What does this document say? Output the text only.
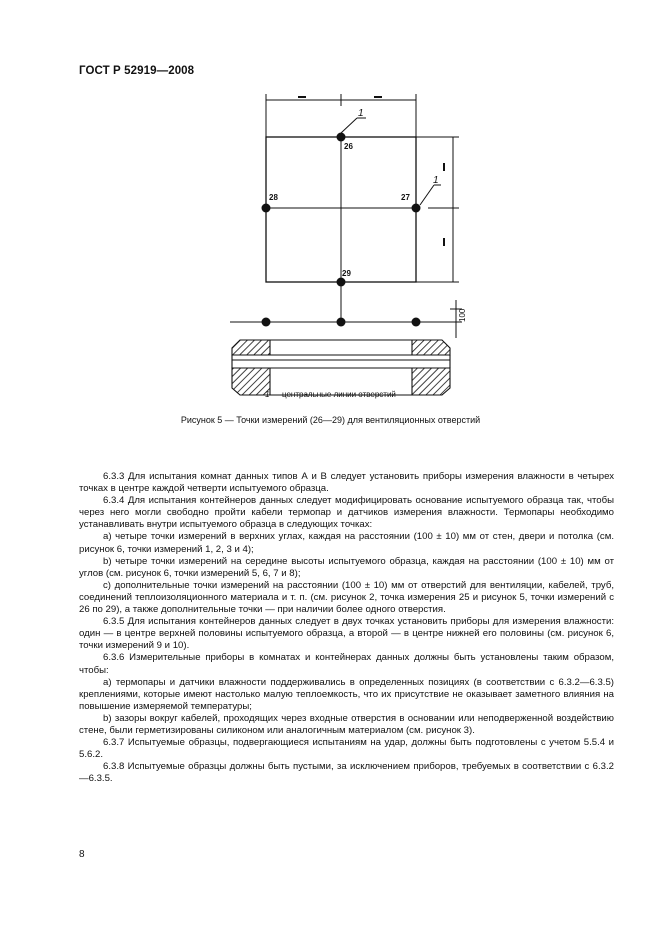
ГОСТ Р 52919—2008
26
27
28
29
1
1
100
1 — центральные линии отверстий
Рисунок 5 — Точки измерений (26—29) для вентиляционных отверстий

6.3.3 Для испытания комнат данных типов А и В следует установить приборы измерения влажности в четырех точках в центре каждой четверти испытуемого образца.

6.3.4 Для испытания контейнеров данных следует модифицировать основание испытуемого образца так, чтобы через него могли свободно пройти кабели термопар и датчиков измерения влажности. Термопары необходимо устанавливать внутри испытуемого образца в следующих точках:

a) четыре точки измерений в верхних углах, каждая на расстоянии (100 ± 10) мм от стен, двери и потолка (см. рисунок 6, точки измерений 1, 2, 3 и 4);

b) четыре точки измерений на середине высоты испытуемого образца, каждая на расстоянии (100 ± 10) мм от углов (см. рисунок 6, точки измерений 5, 6, 7 и 8);

c) дополнительные точки измерений на расстоянии (100 ± 10) мм от отверстий для вентиляции, кабелей, труб, соединений теплоизоляционного материала и т. п. (см. рисунок 2, точка измерения 25 и рисунок 5, точки измерений с 26 по 29), а также дополнительные точки — при наличии более одного отверстия.

6.3.5 Для испытания контейнеров данных следует в двух точках установить приборы для измерения влажности: один — в центре верхней половины испытуемого образца, а второй — в центре нижней его половины (см. рисунок 6, точки измерений 9 и 10).

6.3.6 Измерительные приборы в комнатах и контейнерах данных должны быть установлены таким образом, чтобы:

a) термопары и датчики влажности поддерживались в определенных позициях (в соответствии с 6.3.2—6.3.5) креплениями, которые имеют настолько малую теплоемкость, что их присутствие не оказывает заметного влияния на повышение измеряемой температуры;

b) зазоры вокруг кабелей, проходящих через входные отверстия в основании или неподверженной воздействию стене, были герметизированы силиконом или аналогичным материалом (см. рисунок 3).

6.3.7 Испытуемые образцы, подвергающиеся испытаниям на удар, должны быть подготовлены с учетом 5.5.4 и 5.6.2.

6.3.8 Испытуемые образцы должны быть пустыми, за исключением приборов, требуемых в соответствии с 6.3.2—6.3.5.

8
